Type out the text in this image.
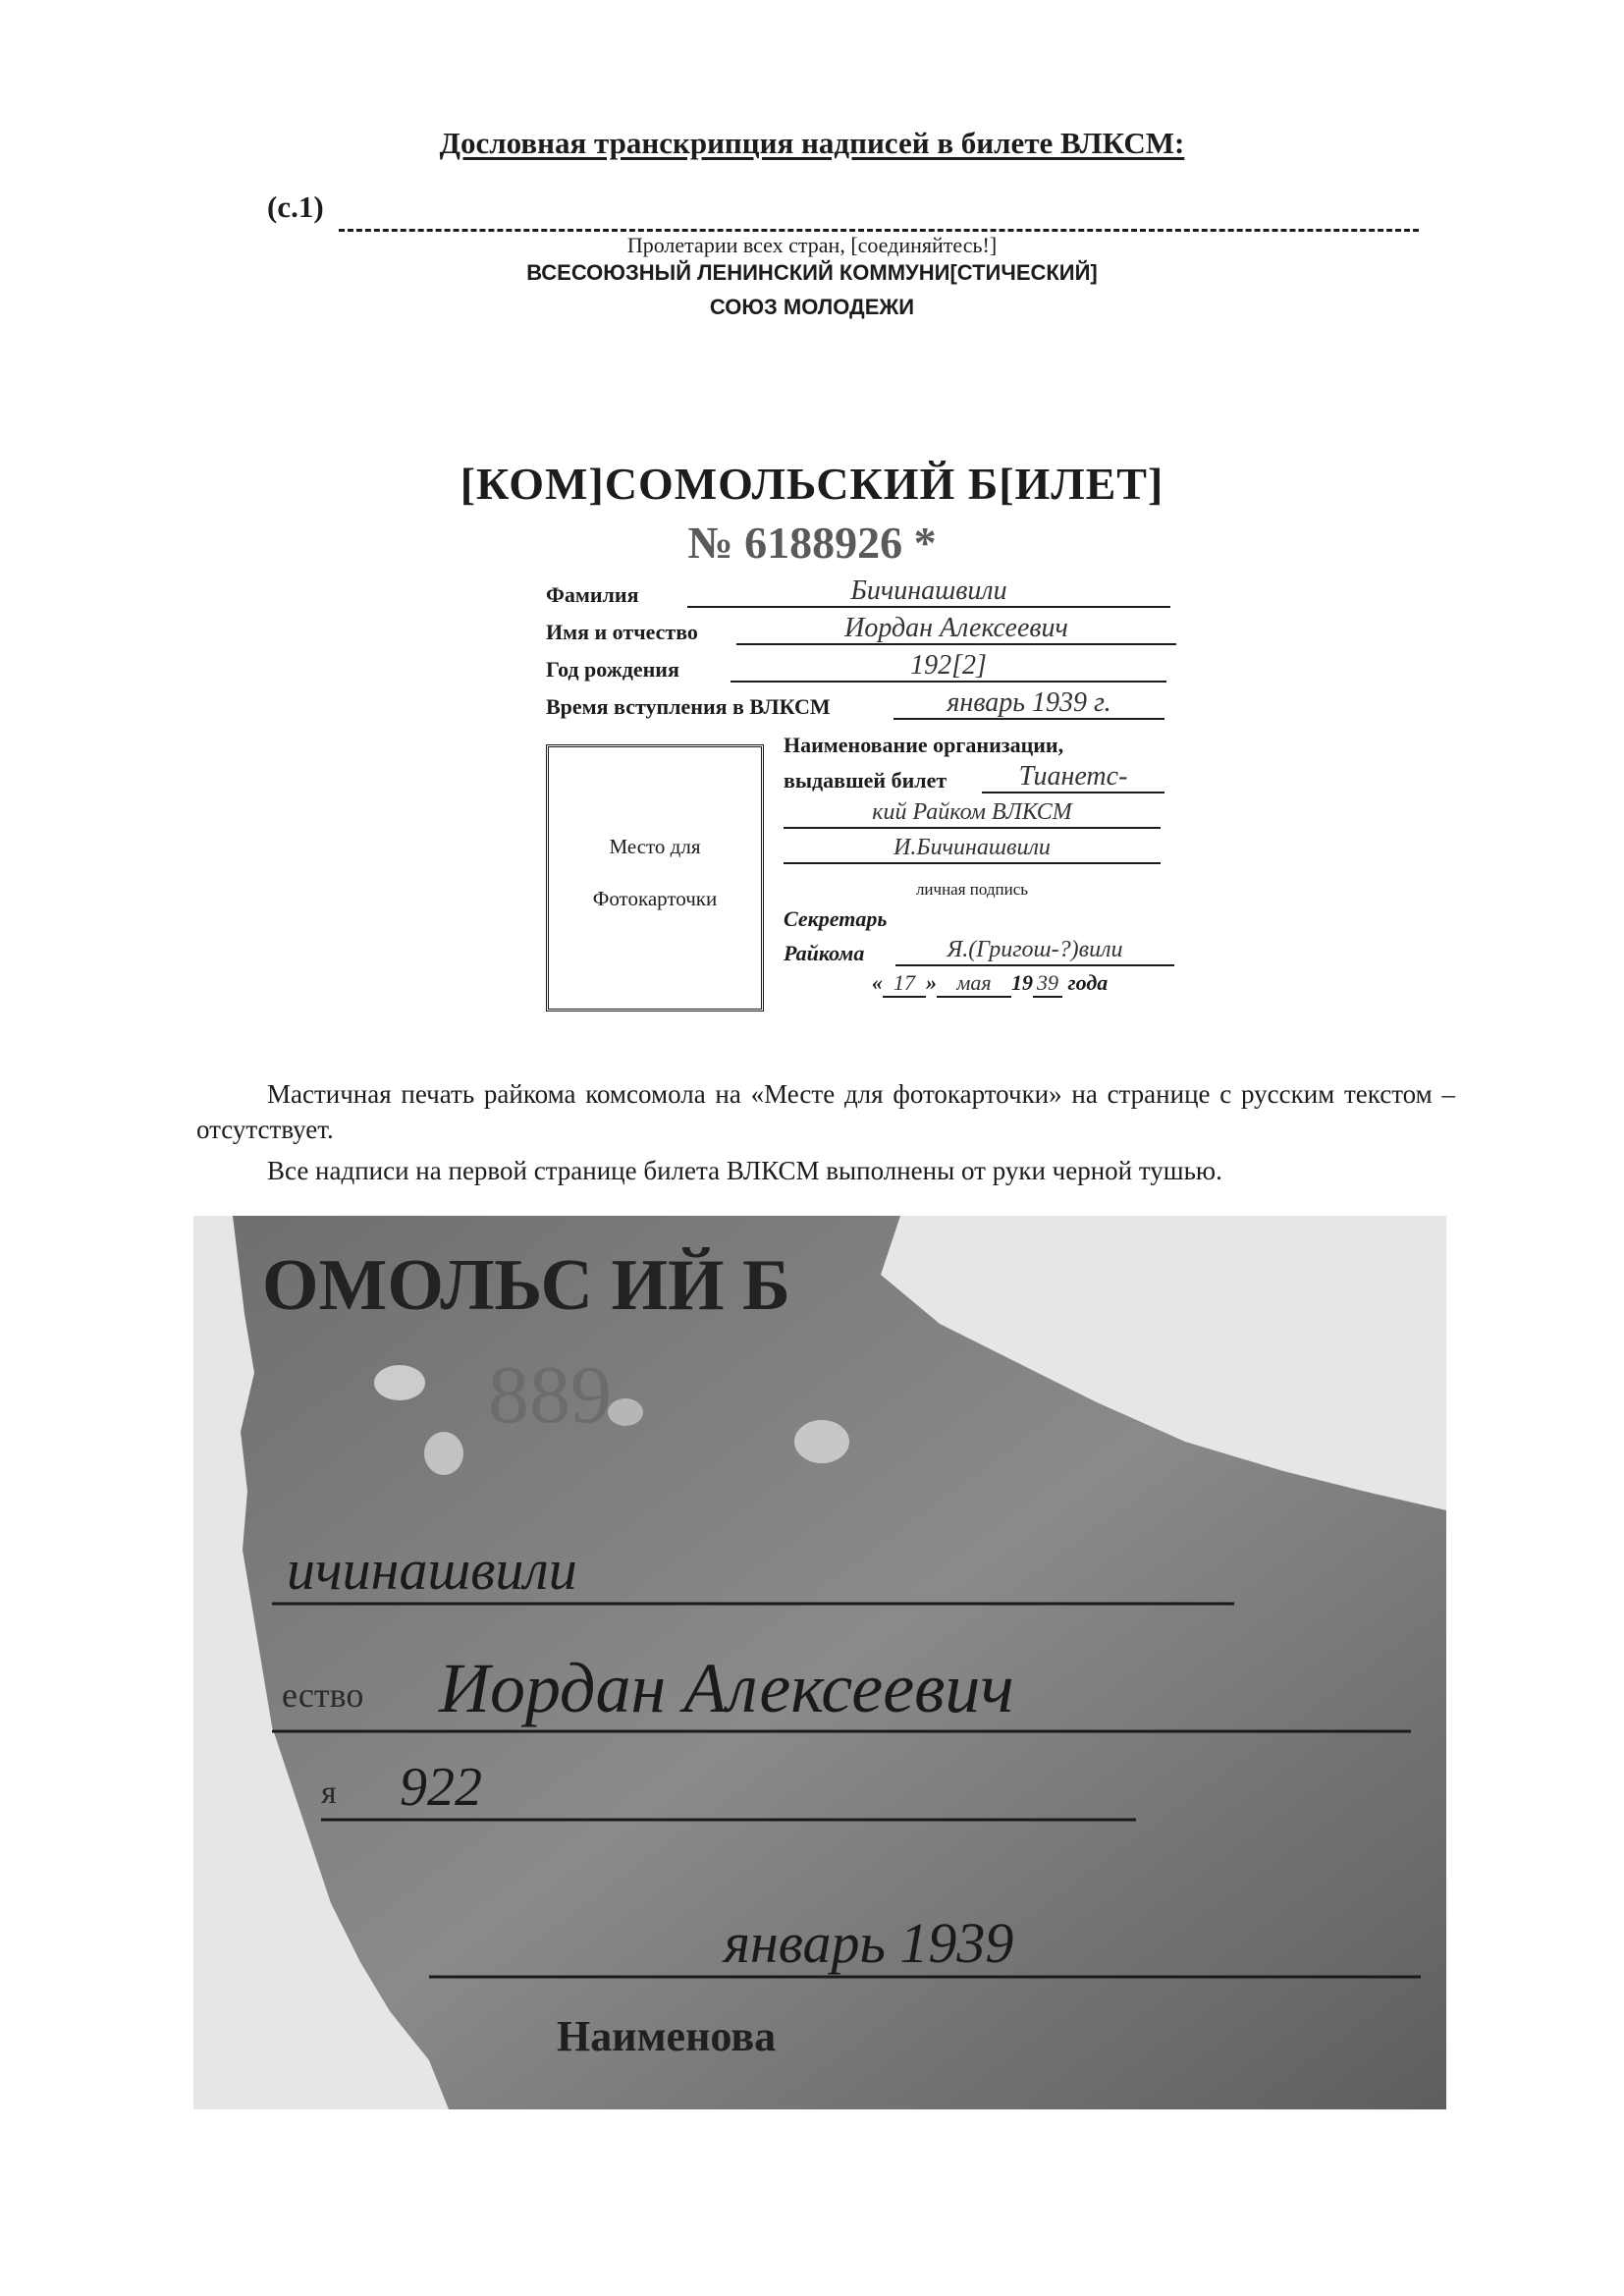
Дословная транскрипция надписей в билете ВЛКСМ:
(с.1)
Пролетарии всех стран, [соединяйтесь!]
ВСЕСОЮЗНЫЙ ЛЕНИНСКИЙ КОММУНИ[СТИЧЕСКИЙ]
СОЮЗ МОЛОДЕЖИ
[КОМ]СОМОЛЬСКИЙ Б[ИЛЕТ]
№ 6188926 *
Фамилия	Бичинашвили
Имя и отчество	Иордан Алексеевич
Год рождения	192[2]
Время вступления в ВЛКСМ	январь 1939 г.
Место для
Фотокарточки
Наименование организации,
выдавшей билет	Тианетс-
кий Райком ВЛКСМ
И.Бичинашвили
личная подпись
Секретарь
Райкома	Я.(Григош-?)вили
« 17 » мая 19 39 года
Мастичная печать райкома комсомола на «Месте для фотокарточки» на странице с русским текстом – отсутствует.
Все надписи на первой странице билета ВЛКСМ выполнены от руки черной тушью.
ОМОЛЬС ИЙ Б
889
ичинашвили
ество Иордан Алексеевич
я 922
январь 1939
Наименова
